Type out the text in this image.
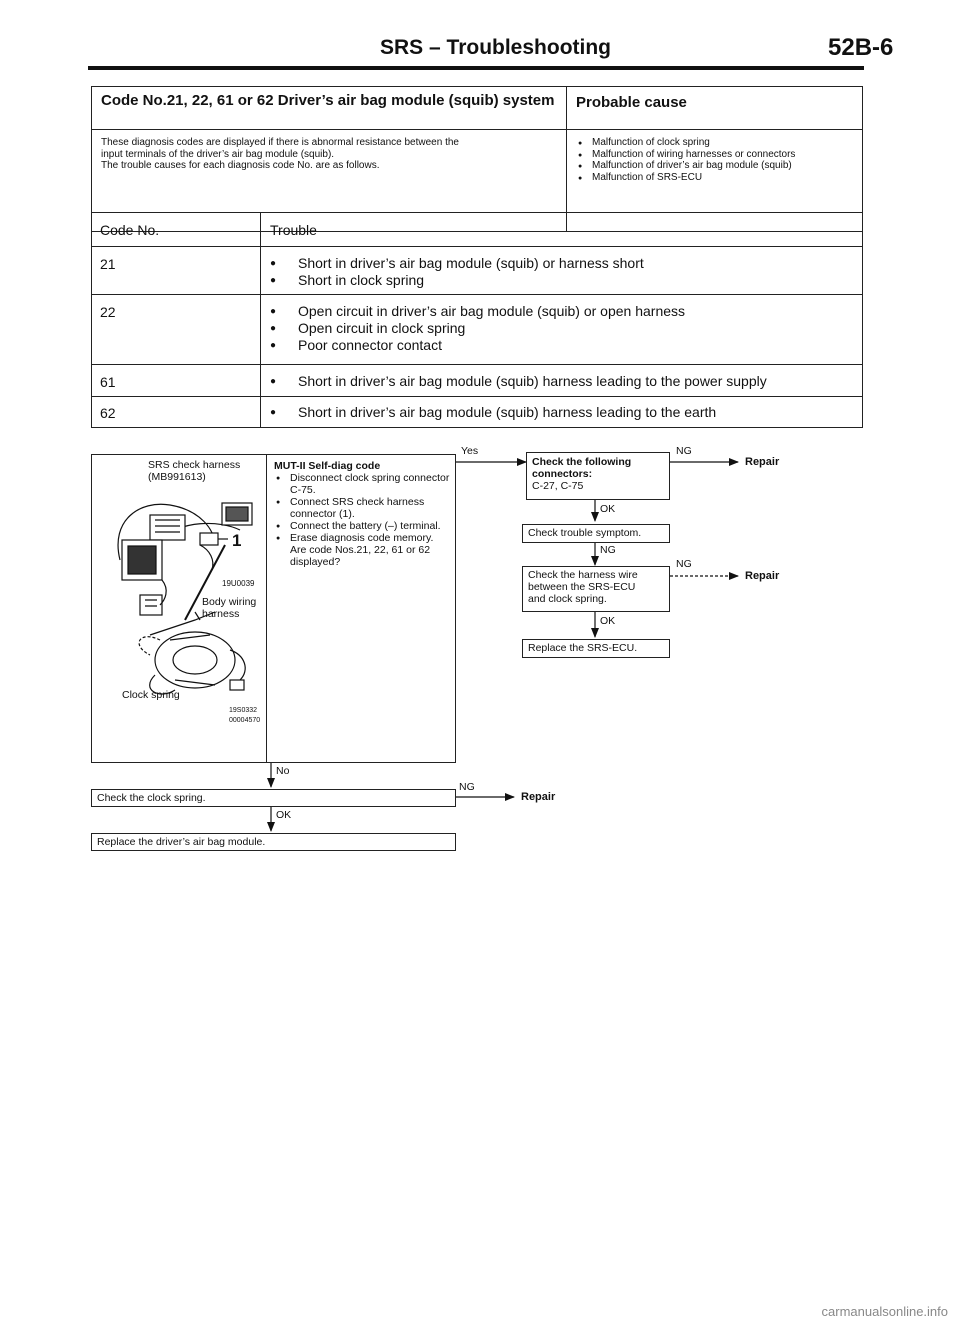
SRS – Troubleshooting	52B-6
Code No.21, 22, 61 or 62 Driver’s air bag module (squib) system	Probable cause
These diagnosis codes are displayed if there is abnormal resistance between the
input terminals of the driver’s air bag module (squib).
The trouble causes for each diagnosis code No. are as follows.
● Malfunction of clock spring
● Malfunction of wiring harnesses or connectors
● Malfunction of driver’s air bag module (squib)
● Malfunction of SRS-ECU
Code No.	Trouble
21	● Short in driver’s air bag module (squib) or harness short
● Short in clock spring
22	● Open circuit in driver’s air bag module (squib) or open harness
● Open circuit in clock spring
● Poor connector contact
61	● Short in driver’s air bag module (squib) harness leading to the power supply
62	● Short in driver’s air bag module (squib) harness leading to the earth
SRS check harness
(MB991613)
1
19U0039
Body wiring
harness
Clock spring
19S0332
00004570
MUT-II Self-diag code
● Disconnect clock spring connector C-75.
● Connect SRS check harness connector (1).
● Connect the battery (–) terminal.
● Erase diagnosis code memory.
Are code Nos.21, 22, 61 or 62 displayed?
Yes	NG
Repair
OK
NG
NG
Repair
OK
No
NG
Repair
OK
Check the following
connectors:
C-27, C-75
Check trouble symptom.
Check the harness wire
between the SRS-ECU
and clock spring.
Replace the SRS-ECU.
Check the clock spring.
Replace the driver’s air bag module.
carmanualsonline.info
